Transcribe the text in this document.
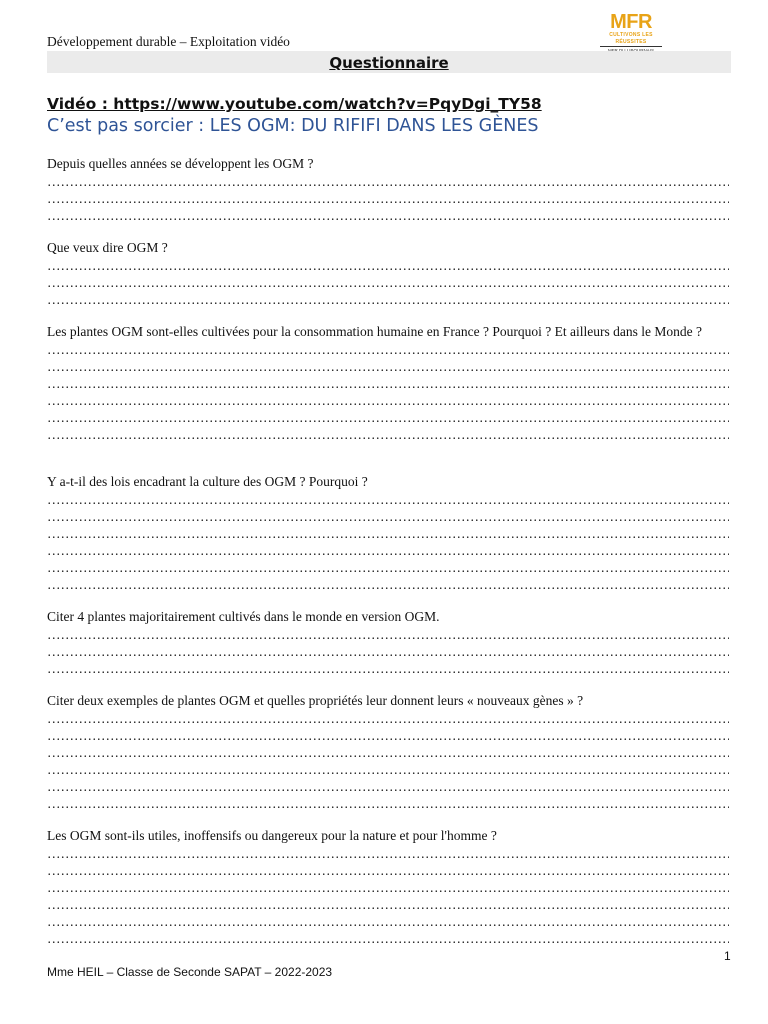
Développement durable – Exploitation vidéo
MFR
CULTIVONS LES RÉUSSITES
Questionnaire
Vidéo : https://www.youtube.com/watch?v=PqyDgi_TY58
C’est pas sorcier : LES OGM: DU RIFIFI DANS LES GÈNES

Depuis quelles années se développent les OGM ?

……………………………………………………………………………………………………………………………………………………………………………………
……………………………………………………………………………………………………………………………………………………………………………………
……………………………………………………………………………………………………………………………………………………………………………………

Que veux dire OGM ?

……………………………………………………………………………………………………………………………………………………………………………………
……………………………………………………………………………………………………………………………………………………………………………………
……………………………………………………………………………………………………………………………………………………………………………………

Les plantes OGM sont-elles cultivées pour la consommation humaine en France ? Pourquoi ? Et ailleurs dans le Monde ?

……………………………………………………………………………………………………………………………………………………………………………………
……………………………………………………………………………………………………………………………………………………………………………………
……………………………………………………………………………………………………………………………………………………………………………………
……………………………………………………………………………………………………………………………………………………………………………………
……………………………………………………………………………………………………………………………………………………………………………………
……………………………………………………………………………………………………………………………………………………………………………………

Y a-t-il des lois encadrant la culture des OGM ? Pourquoi ?

……………………………………………………………………………………………………………………………………………………………………………………
……………………………………………………………………………………………………………………………………………………………………………………
……………………………………………………………………………………………………………………………………………………………………………………
……………………………………………………………………………………………………………………………………………………………………………………
……………………………………………………………………………………………………………………………………………………………………………………
……………………………………………………………………………………………………………………………………………………………………………………

Citer 4 plantes majoritairement cultivés dans le monde en version OGM.

……………………………………………………………………………………………………………………………………………………………………………………
……………………………………………………………………………………………………………………………………………………………………………………
……………………………………………………………………………………………………………………………………………………………………………………

Citer deux exemples de plantes OGM et quelles propriétés leur donnent leurs « nouveaux gènes » ?

……………………………………………………………………………………………………………………………………………………………………………………
……………………………………………………………………………………………………………………………………………………………………………………
……………………………………………………………………………………………………………………………………………………………………………………
……………………………………………………………………………………………………………………………………………………………………………………
……………………………………………………………………………………………………………………………………………………………………………………
……………………………………………………………………………………………………………………………………………………………………………………

Les OGM sont-ils utiles, inoffensifs ou dangereux pour la nature et pour l'homme ?

……………………………………………………………………………………………………………………………………………………………………………………
……………………………………………………………………………………………………………………………………………………………………………………
……………………………………………………………………………………………………………………………………………………………………………………
……………………………………………………………………………………………………………………………………………………………………………………
……………………………………………………………………………………………………………………………………………………………………………………
……………………………………………………………………………………………………………………………………………………………………………………
1
Mme HEIL – Classe de Seconde SAPAT – 2022-2023
